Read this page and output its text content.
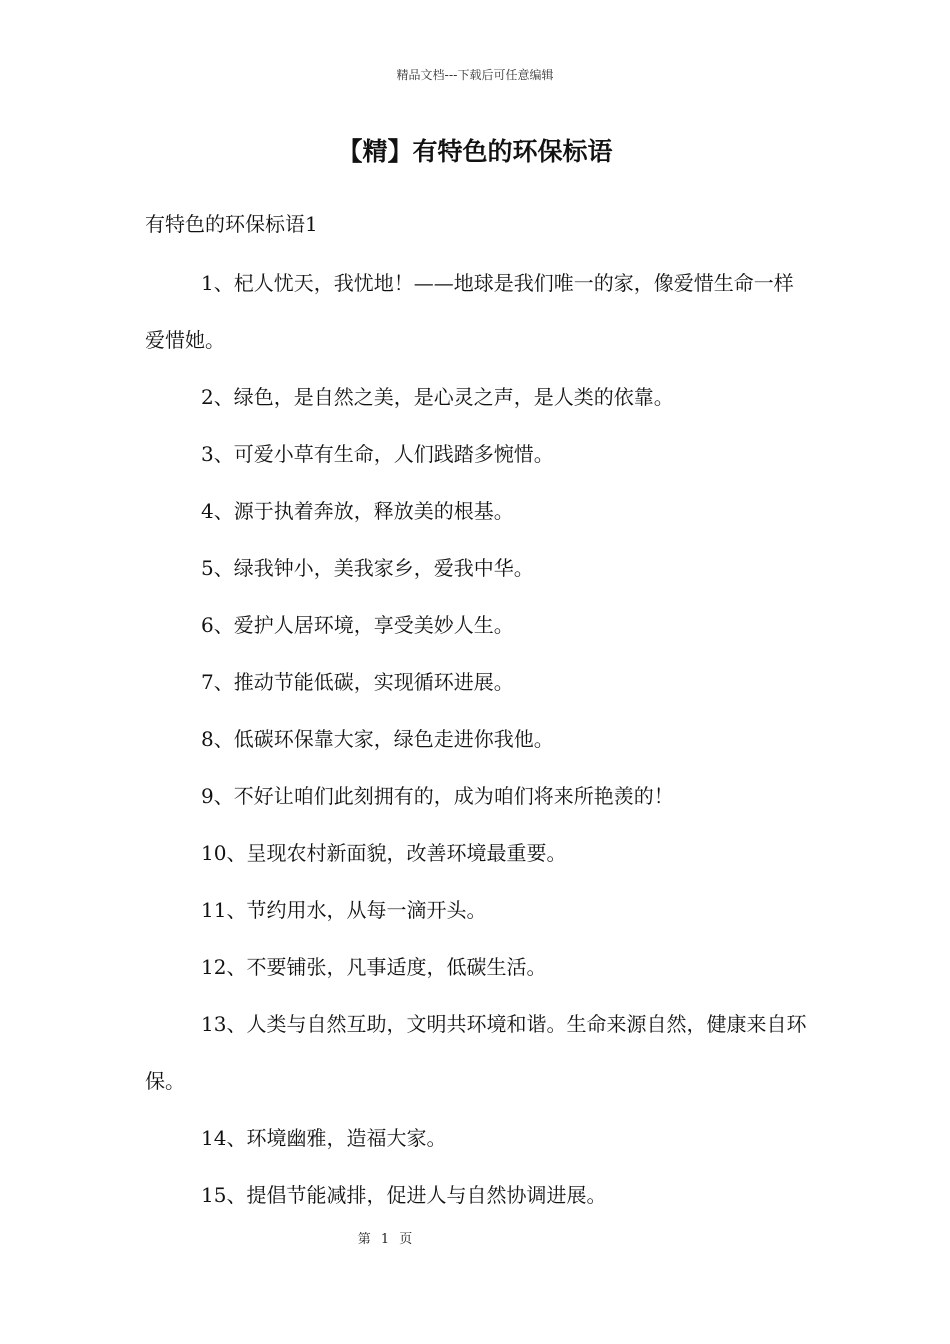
精品文档---下载后可任意编辑
【精】有特色的环保标语
有特色的环保标语1

1、杞人忧天，我忧地！——地球是我们唯一的家，像爱惜生命一样爱惜她。

2、绿色，是自然之美，是心灵之声，是人类的依靠。

3、可爱小草有生命，人们践踏多惋惜。

4、源于执着奔放，释放美的根基。

5、绿我钟小，美我家乡，爱我中华。

6、爱护人居环境，享受美妙人生。

7、推动节能低碳，实现循环进展。

8、低碳环保靠大家，绿色走进你我他。

9、不好让咱们此刻拥有的，成为咱们将来所艳羡的！

10、呈现农村新面貌，改善环境最重要。

11、节约用水，从每一滴开头。

12、不要铺张，凡事适度，低碳生活。

13、人类与自然互助，文明共环境和谐。生命来源自然，健康来自环保。

14、环境幽雅，造福大家。

15、提倡节能减排，促进人与自然协调进展。

第 1 页
